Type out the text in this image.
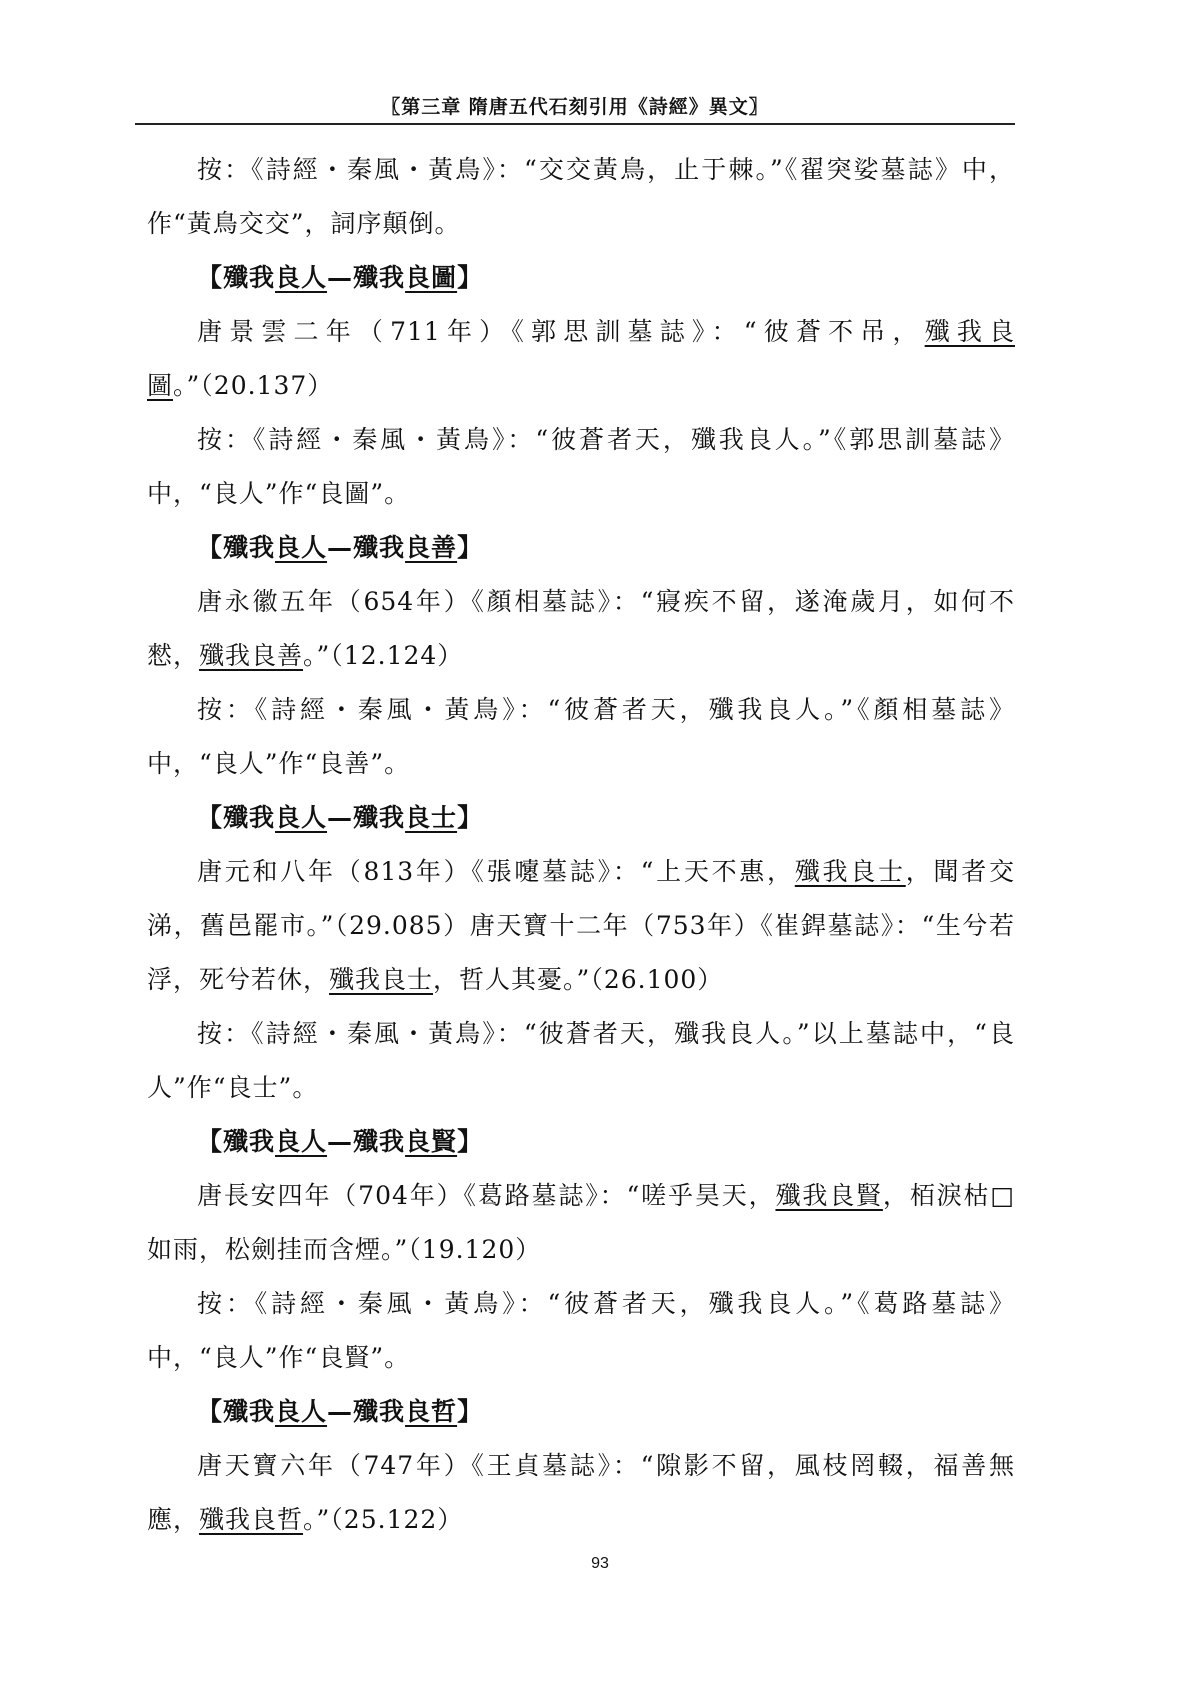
〖第三章 隋唐五代石刻引用《詩經》異文〗

按：《詩經・秦風・黃鳥》：“交交黃鳥，止于棘。”《翟突娑墓誌》中，作“黃鳥交交”，詞序顛倒。

【殲我良人—殲我良圖】

唐景雲二年（711年）《郭思訓墓誌》：“彼蒼不吊，殲我良圖。”（20.137）

按：《詩經・秦風・黃鳥》：“彼蒼者天，殲我良人。”《郭思訓墓誌》中，“良人”作“良圖”。

【殲我良人—殲我良善】

唐永徽五年（654年）《顏相墓誌》：“寢疾不留，遂淹歲月，如何不憖，殲我良善。”（12.124）

按：《詩經・秦風・黃鳥》：“彼蒼者天，殲我良人。”《顏相墓誌》中，“良人”作“良善”。

【殲我良人—殲我良士】

唐元和八年（813年）《張嚔墓誌》：“上天不惠，殲我良士，聞者交涕，舊邑罷市。”（29.085）唐天寶十二年（753年）《崔銲墓誌》：“生兮若浮，死兮若休，殲我良士，哲人其憂。”（26.100）

按：《詩經・秦風・黃鳥》：“彼蒼者天，殲我良人。”以上墓誌中，“良人”作“良士”。

【殲我良人—殲我良賢】

唐長安四年（704年）《葛路墓誌》：“嗟乎昊天，殲我良賢，栢淚枯□如雨，松劍挂而含煙。”（19.120）

按：《詩經・秦風・黃鳥》：“彼蒼者天，殲我良人。”《葛路墓誌》中，“良人”作“良賢”。

【殲我良人—殲我良哲】

唐天寶六年（747年）《王貞墓誌》：“隙影不留，風枝罔輟，福善無應，殲我良哲。”（25.122）

93
